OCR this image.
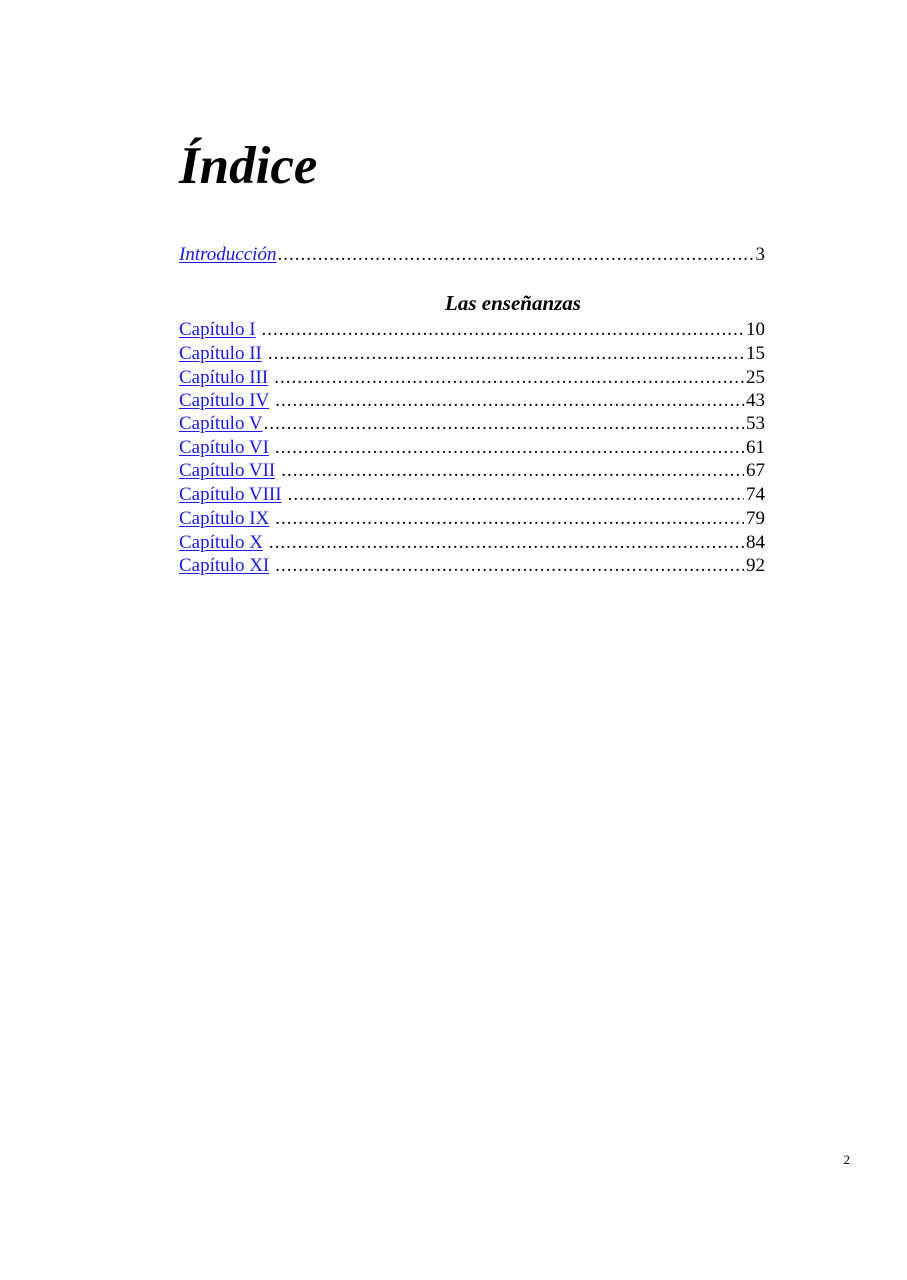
Índice
Introducción .....	3
Las enseñanzas
Capítulo I .....	10
Capítulo II .....	15
Capítulo III .....	25
Capítulo IV .....	43
Capítulo V .....	53
Capítulo VI .....	61
Capítulo VII .....	67
Capítulo VIII .....	74
Capítulo IX .....	79
Capítulo X .....	84
Capítulo XI .....	92
2
